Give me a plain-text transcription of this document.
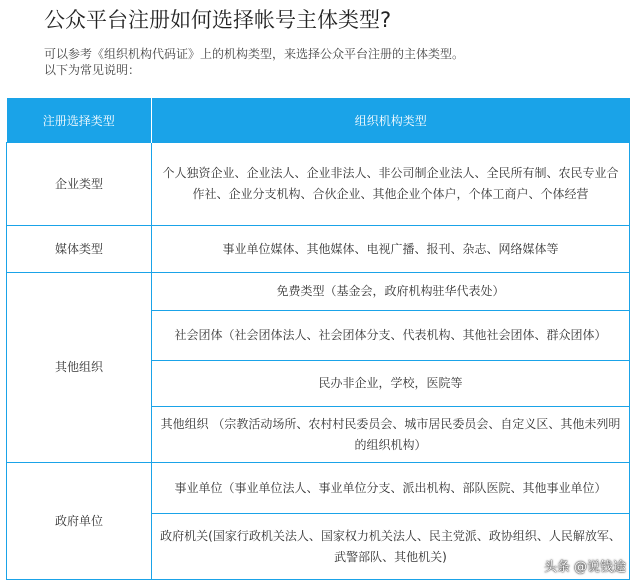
公众平台注册如何选择帐号主体类型?
可以参考《组织机构代码证》上的机构类型，来选择公众平台注册的主体类型。
以下为常见说明：
注册选择类型	组织机构类型
企业类型	个人独资企业、企业法人、企业非法人、非公司制企业法人、全民所有制、农民专业合作社、企业分支机构、合伙企业、其他企业个体户，个体工商户、个体经营
媒体类型	事业单位媒体、其他媒体、电视广播、报刊、杂志、网络媒体等
其他组织	免费类型（基金会，政府机构驻华代表处）
	社会团体（社会团体法人、社会团体分支、代表机构、其他社会团体、群众团体）
	民办非企业，学校，医院等
	其他组织 （宗教活动场所、农村村民委员会、城市居民委员会、自定义区、其他未列明的组织机构）
政府单位	事业单位（事业单位法人、事业单位分支、派出机构、部队医院、其他事业单位）
	政府机关(国家行政机关法人、国家权力机关法人、民主党派、政协组织、人民解放军、武警部队、其他机关)
头条 @说钱途
